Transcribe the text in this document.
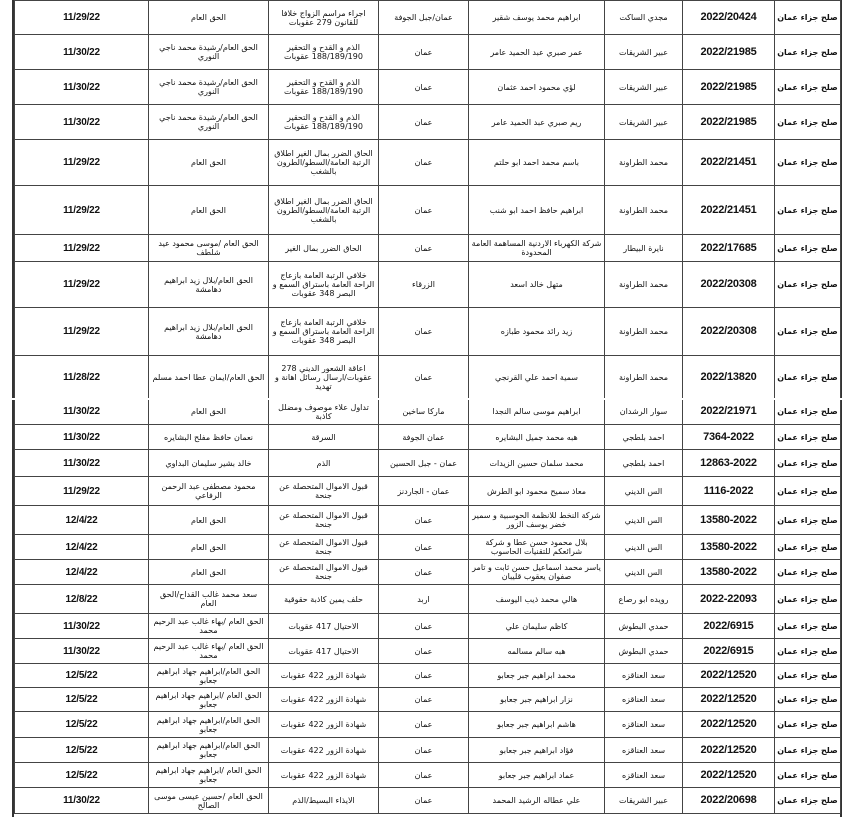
صلح جزاء عمان	2022/20424	مجدي الساكت	ابراهيم محمد يوسف شقير	عمان/جبل الجوفة	اجراء مراسم الزواج خلافا للقانون 279 عقوبات	الحق العام	11/29/22
صلح جزاء عمان	2022/21985	عبير الشريقات	عمر صبري عبد الحميد عامر	عمان	الذم و القدح و التحقير 188/189/190 عقوبات	الحق العام/رشيدة محمد ناجي النوري	11/30/22
صلح جزاء عمان	2022/21985	عبير الشريقات	لؤي محمود احمد عثمان	عمان	الذم و القدح و التحقير 188/189/190 عقوبات	الحق العام/رشيدة محمد ناجي النوري	11/30/22
صلح جزاء عمان	2022/21985	عبير الشريقات	ريم صبري عبد الحميد عامر	عمان	الذم و القدح و التحقير 188/189/190 عقوبات	الحق العام/رشيدة محمد ناجي النوري	11/30/22
صلح جزاء عمان	2022/21451	محمد الطراونة	باسم محمد احمد ابو حلتم	عمان	الحاق الضرر بمال الغير اطلاق الرتبة العامة/السطو/الطرون بالشغب	الحق العام	11/29/22
صلح جزاء عمان	2022/21451	محمد الطراونة	ابراهيم حافظ احمد ابو شنب	عمان	الحاق الضرر بمال الغير اطلاق الرتبة العامة/السطو/الطرون بالشغب	الحق العام	11/29/22
صلح جزاء عمان	2022/17685	نايرة البيطار	شركة الكهرباء الاردنية المساهمة العامة المحدودة	عمان	الحاق الضرر بمال الغير	الحق العام /موسى محمود عيد شلطف	11/29/22
صلح جزاء عمان	2022/20308	محمد الطراونة	متهل خالد اسعد	الزرقاء	خلافي الرتبة العامة بازعاج الراحة العامة باستراق السمع و البصر 348 عقوبات	الحق العام/بلال زيد ابراهيم دهامشة	11/29/22
صلح جزاء عمان	2022/20308	محمد الطراونة	زيد رائد محمود طبازه	عمان	خلافي الرتبة العامة بازعاج الراحة العامة باستراق السمع و البصر 348 عقوبات	الحق العام/بلال زيد ابراهيم دهامشة	11/29/22
صلح جزاء عمان	2022/13820	محمد الطراونة	سمية احمد علي القرنجي	عمان	اعاقة الشعور الديني 278 عقوبات/ارسال رسائل اهانة و تهديد	الحق العام/ايمان عطا احمد مسلم	11/28/22
صلح جزاء عمان	2022/21971	سوار الرشدان	ابراهيم موسى سالم النجدا	ماركا ساخين	تداول علاء موصوف ومضلل كاذبة	الحق العام	11/30/22
صلح جزاء عمان	7364-2022	احمد بلطجي	هبه محمد جميل البشايره	عمان الجوفة	السرقة	نعمان حافظ مفلح البشايره	11/30/22
صلح جزاء عمان	12863-2022	احمد بلطجي	محمد سلمان حسين الزيدات	عمان - جبل الحسين	الذم	خالد بشير سليمان البداوي	11/30/22
صلح جزاء عمان	1116-2022	الس الديني	معاذ سميح محمود ابو الطرش	عمان - الجاردنز	قبول الاموال المتحصلة عن جنحة	محمود مصطفى عبد الرحمن الرفاعي	11/29/22
صلح جزاء عمان	13580-2022	الس الديني	شركة النخط للانظمة الحوسبية و سمير خضر يوسف الزور	عمان	قبول الاموال المتحصلة عن جنحة	الحق العام	12/4/22
صلح جزاء عمان	13580-2022	الس الديني	بلال محمود حسن عطا و شركة شرائعكم للتقنيات الحاسوب	عمان	قبول الاموال المتحصلة عن جنحة	الحق العام	12/4/22
صلح جزاء عمان	13580-2022	الس الديني	ياسر محمد اسماعيل حسن ثابت و تامر صفوان يعقوب قليبان	عمان	قبول الاموال المتحصلة عن جنحة	الحق العام	12/4/22
صلح جزاء عمان	2022-22093	رويده ابو رصاع	هالي محمد ذيب اليوسف	اربد	حلف يمين كاذبة حقوقية	سعد محمد غالب القداح/الحق العام	12/8/22
صلح جزاء عمان	2022/6915	حمدي البطوش	كاظم سليمان علي	عمان	الاحتيال 417 عقوبات	الحق العام /بهاء غالب عبد الرحيم محمد	11/30/22
صلح جزاء عمان	2022/6915	حمدي البطوش	هبه سالم مسالمه	عمان	الاحتيال 417 عقوبات	الحق العام /بهاء غالب عبد الرحيم محمد	11/30/22
صلح جزاء عمان	2022/12520	سعد العناقزه	محمد ابراهيم جبر جعابو	عمان	شهادة الزور 422 عقوبات	الحق العام/ابراهيم جهاد ابراهيم جعابو	12/5/22
صلح جزاء عمان	2022/12520	سعد العناقزه	نزار ابراهيم جبر جعابو	عمان	شهادة الزور 422 عقوبات	الحق العام /ابراهيم جهاد ابراهيم جعابو	12/5/22
صلح جزاء عمان	2022/12520	سعد العناقزه	هاشم ابراهيم جبر جعابو	عمان	شهادة الزور 422 عقوبات	الحق العام/ابراهيم جهاد ابراهيم جعابو	12/5/22
صلح جزاء عمان	2022/12520	سعد العناقزه	فؤاد ابراهيم جبر جعابو	عمان	شهادة الزور 422 عقوبات	الحق العام/ابراهيم جهاد ابراهيم جعابو	12/5/22
صلح جزاء عمان	2022/12520	سعد العناقزه	عماد ابراهيم جبر جعابو	عمان	شهادة الزور 422 عقوبات	الحق العام /ابراهيم جهاد ابراهيم جعابو	12/5/22
صلح جزاء عمان	2022/20698	عبير الشريقات	علي عطاله الرشيد المحمد	عمان	الايذاء البسيط/الذم	الحق العام /حسين عيسى موسى الصالح	11/30/22
